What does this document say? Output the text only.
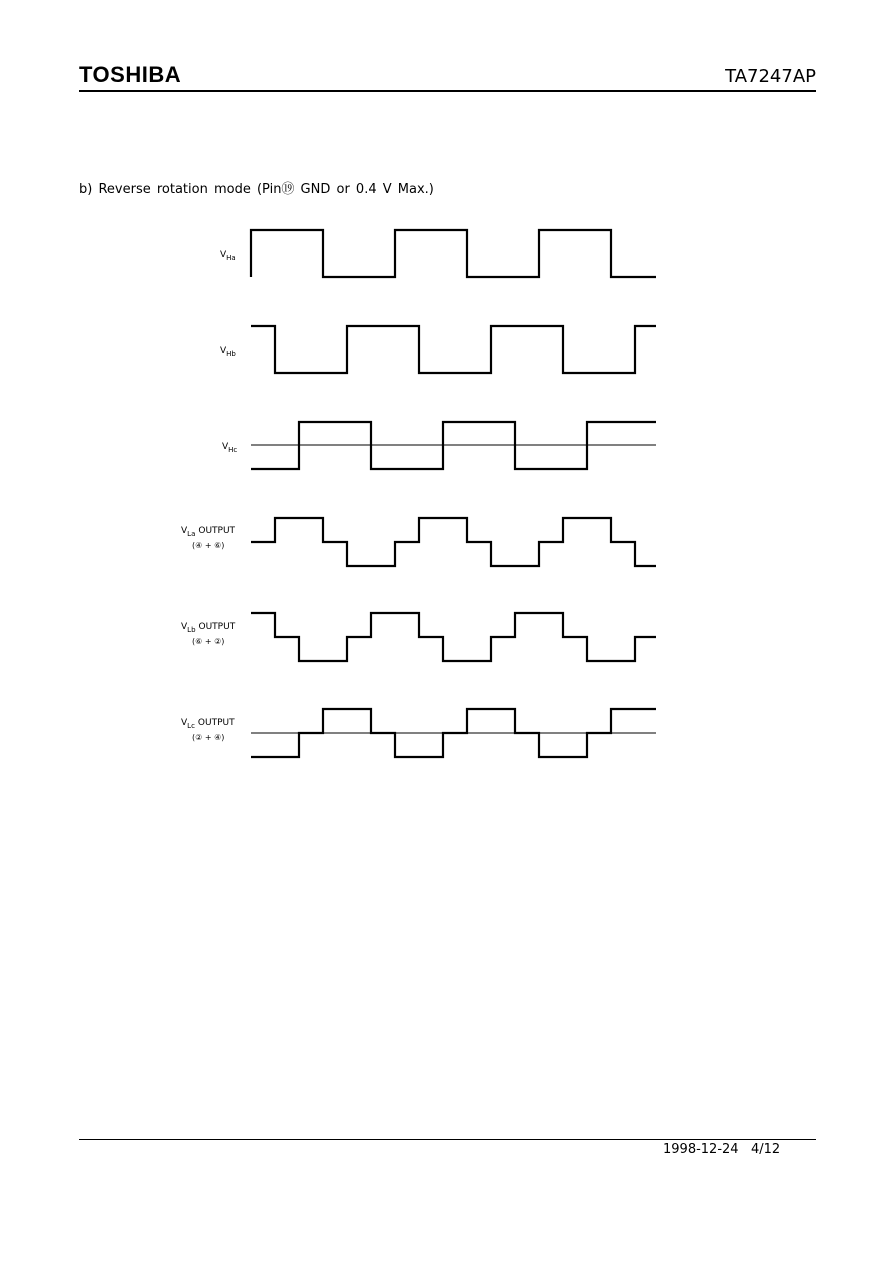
TOSHIBA	TA7247AP
b) Reverse rotation mode (Pin⑲ GND or 0.4 V Max.)
$V_{Ha}$
$V_{Hb}$
$V_{Hc}$
$V_{La}$ OUTPUT
(④ + ⑥)
$V_{Lb}$ OUTPUT
(⑥ + ②)
$V_{Lc}$ OUTPUT
(② + ④)
1998-12-24 4/12
